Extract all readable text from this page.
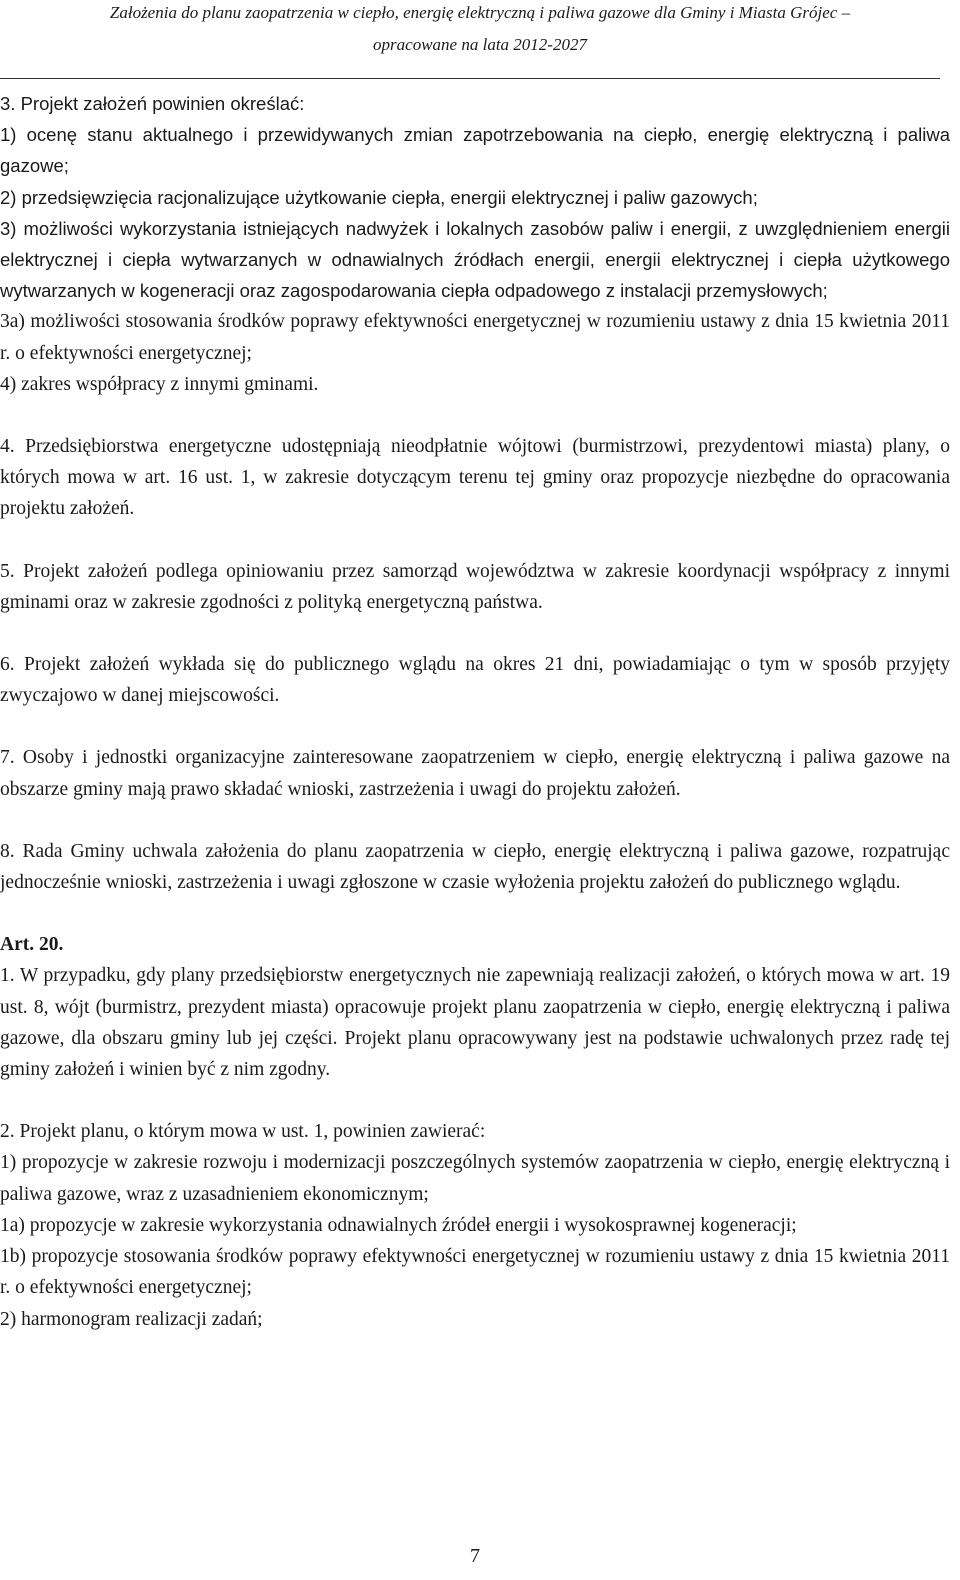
Założenia do planu zaopatrzenia w ciepło, energię elektryczną i paliwa gazowe dla Gminy i Miasta Grójec –
opracowane na lata 2012-2027

3. Projekt założeń powinien określać:

1) ocenę stanu aktualnego i przewidywanych zmian zapotrzebowania na ciepło, energię elektryczną i paliwa gazowe;

2) przedsięwzięcia racjonalizujące użytkowanie ciepła, energii elektrycznej i paliw gazowych;

3) możliwości wykorzystania istniejących nadwyżek i lokalnych zasobów paliw i energii, z uwzględnieniem energii elektrycznej i ciepła wytwarzanych w odnawialnych źródłach energii, energii elektrycznej i ciepła użytkowego wytwarzanych w kogeneracji oraz zagospodarowania ciepła odpadowego z instalacji przemysłowych;

3a) możliwości stosowania środków poprawy efektywności energetycznej w rozumieniu ustawy z dnia 15 kwietnia 2011 r. o efektywności energetycznej;

4) zakres współpracy z innymi gminami.

4. Przedsiębiorstwa energetyczne udostępniają nieodpłatnie wójtowi (burmistrzowi, prezydentowi miasta) plany, o których mowa w art. 16 ust. 1, w zakresie dotyczącym terenu tej gminy oraz propozycje niezbędne do opracowania projektu założeń.

5. Projekt założeń podlega opiniowaniu przez samorząd województwa w zakresie koordynacji współpracy z innymi gminami oraz w zakresie zgodności z polityką energetyczną państwa.

6. Projekt założeń wykłada się do publicznego wglądu na okres 21 dni, powiadamiając o tym w sposób przyjęty zwyczajowo w danej miejscowości.

7. Osoby i jednostki organizacyjne zainteresowane zaopatrzeniem w ciepło, energię elektryczną i paliwa gazowe na obszarze gminy mają prawo składać wnioski, zastrzeżenia i uwagi do projektu założeń.

8. Rada Gminy uchwala założenia do planu zaopatrzenia w ciepło, energię elektryczną i paliwa gazowe, rozpatrując jednocześnie wnioski, zastrzeżenia i uwagi zgłoszone w czasie wyłożenia projektu założeń do publicznego wglądu.

Art. 20.

1. W przypadku, gdy plany przedsiębiorstw energetycznych nie zapewniają realizacji założeń, o których mowa w art. 19 ust. 8, wójt (burmistrz, prezydent miasta) opracowuje projekt planu zaopatrzenia w ciepło, energię elektryczną i paliwa gazowe, dla obszaru gminy lub jej części. Projekt planu opracowywany jest na podstawie uchwalonych przez radę tej gminy założeń i winien być z nim zgodny.

2. Projekt planu, o którym mowa w ust. 1, powinien zawierać:

1) propozycje w zakresie rozwoju i modernizacji poszczególnych systemów zaopatrzenia w ciepło, energię elektryczną i paliwa gazowe, wraz z uzasadnieniem ekonomicznym;

1a) propozycje w zakresie wykorzystania odnawialnych źródeł energii i wysokosprawnej kogeneracji;

1b) propozycje stosowania środków poprawy efektywności energetycznej w rozumieniu ustawy z dnia 15 kwietnia 2011 r. o efektywności energetycznej;

2) harmonogram realizacji zadań;

7
